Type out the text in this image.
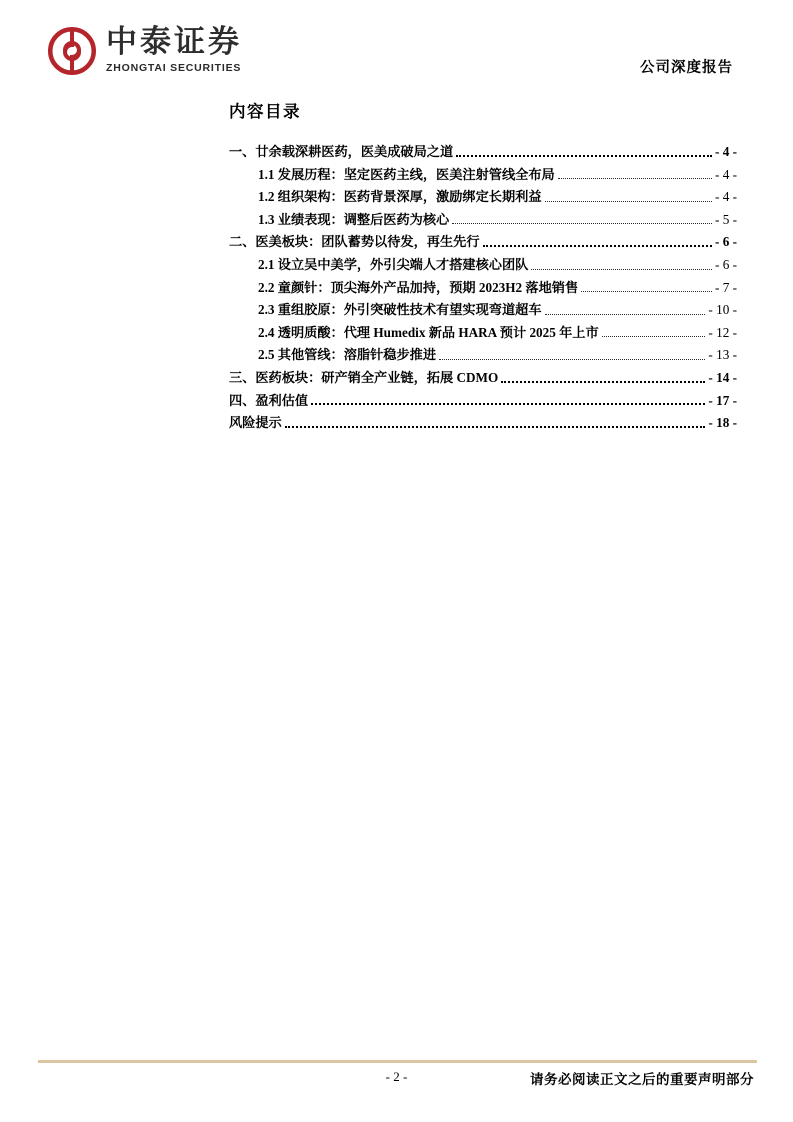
中泰证券
ZHONGTAI SECURITIES	公司深度报告
内容目录
一、廿余载深耕医药，医美成破局之道	- 4 -
1.1 发展历程：坚定医药主线，医美注射管线全布局	- 4 -
1.2 组织架构：医药背景深厚，激励绑定长期利益	- 4 -
1.3 业绩表现：调整后医药为核心	- 5 -
二、医美板块：团队蓄势以待发，再生先行	- 6 -
2.1 设立吴中美学，外引尖端人才搭建核心团队	- 6 -
2.2 童颜针：顶尖海外产品加持，预期 2023H2 落地销售	- 7 -
2.3 重组胶原：外引突破性技术有望实现弯道超车	- 10 -
2.4 透明质酸：代理 Humedix 新品 HARA 预计 2025 年上市	- 12 -
2.5 其他管线：溶脂针稳步推进	- 13 -
三、医药板块：研产销全产业链，拓展 CDMO	- 14 -
四、盈利估值	- 17 -
风险提示	- 18 -
- 2 -	请务必阅读正文之后的重要声明部分
